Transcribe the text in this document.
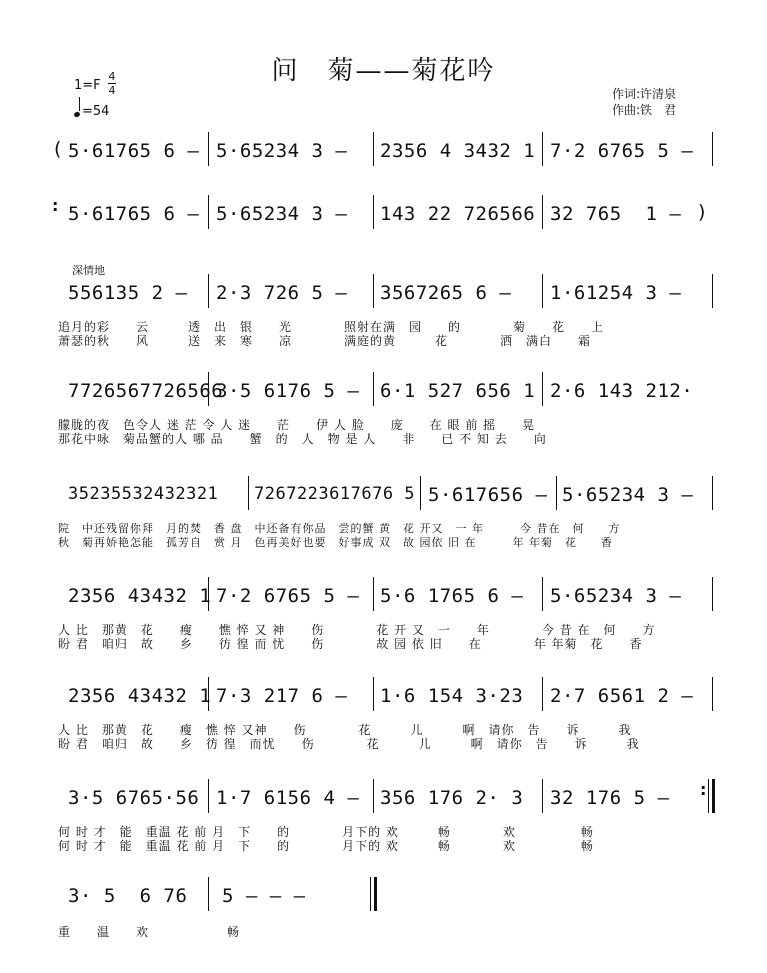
问　菊——菊花吟
1=F
4
4
=54
作词:许清泉
作曲:铁　君
( 5·61765 6 – 5·65234 3 – 2356 4 3432 1 7·2 6765 5 –
: 5·61765 6 – 5·65234 3 – 143 22 726566 32 765  1 – )
深情地
556135 2 – 2·3 726 5 – 3567265 6 – 1·61254 3 –
追月的彩　　云　　　透　出　银　　光　　　　照射在满　园　　的　　　　菊　　花　　上
萧瑟的秋　　风　　　送　来　寒　　凉　　　　满庭的黄　　　花　　　　洒　满白　　霜
7726567726566
3·5 6176 5 – 6·1 527 656 1 2·6 143 212·
朦胧的夜　色令人 迷 茫 令 人 迷　　茫　　伊 人 脸　　庞　　在 眼 前 摇　　晃
那花中咏　菊品蟹的人 哪 品　　蟹　的　人　物 是 人　　非　　已 不 知 去　　向
35235532432321 7267223617676 5 5·617656 – 5·65234 3 –
院　中还残留你拜　月的焚　香 盘　中还备有你品　尝的蟹 黄　花 开又　一 年　　　今 昔在　何　　方
秋　菊再娇艳怎能　孤芳自　赏 月　色再美好也要　好事成 双　故 园依 旧 在　　　年 年菊　花　　香
2356 43432 1 7·2 6765 5 – 5·6 1765 6 – 5·65234 3 –
人 比　那黄　花　　瘦　　憔 悴 又 神　　伤　　　　花 开 又　一　　年　　　　今 昔 在　何　　方
盼 君　咱归　故　　乡　　彷 徨 而 忧　　伤　　　　故 园 依 旧　　在　　　　年 年菊　花　　香
2356 43432 1 7·3 217 6 – 1·6 154 3·23 2·7 6561 2 –
人 比　那黄　花　　瘦　憔 悴 又神　　伤　　　　花　　　儿　　　啊　请你　告　　诉　　　我
盼 君　咱归　故　　乡　彷 徨　而忧　　伤　　　　花　　　儿　　　啊　请你　告　　诉　　　我
3·5 6765·56 1·7 6156 4 – 356 176 2· 3 32 176 5 – :
何 时 才　能　重温 花 前 月　下　　的　　　　月下的 欢　　　畅　　　　欢　　　　　畅
何 时 才　能　重温 花 前 月　下　　的　　　　月下的 欢　　　畅　　　　欢　　　　　畅
3· 5  6 76 5 – – –
重　　温　　欢　　　　　　畅
